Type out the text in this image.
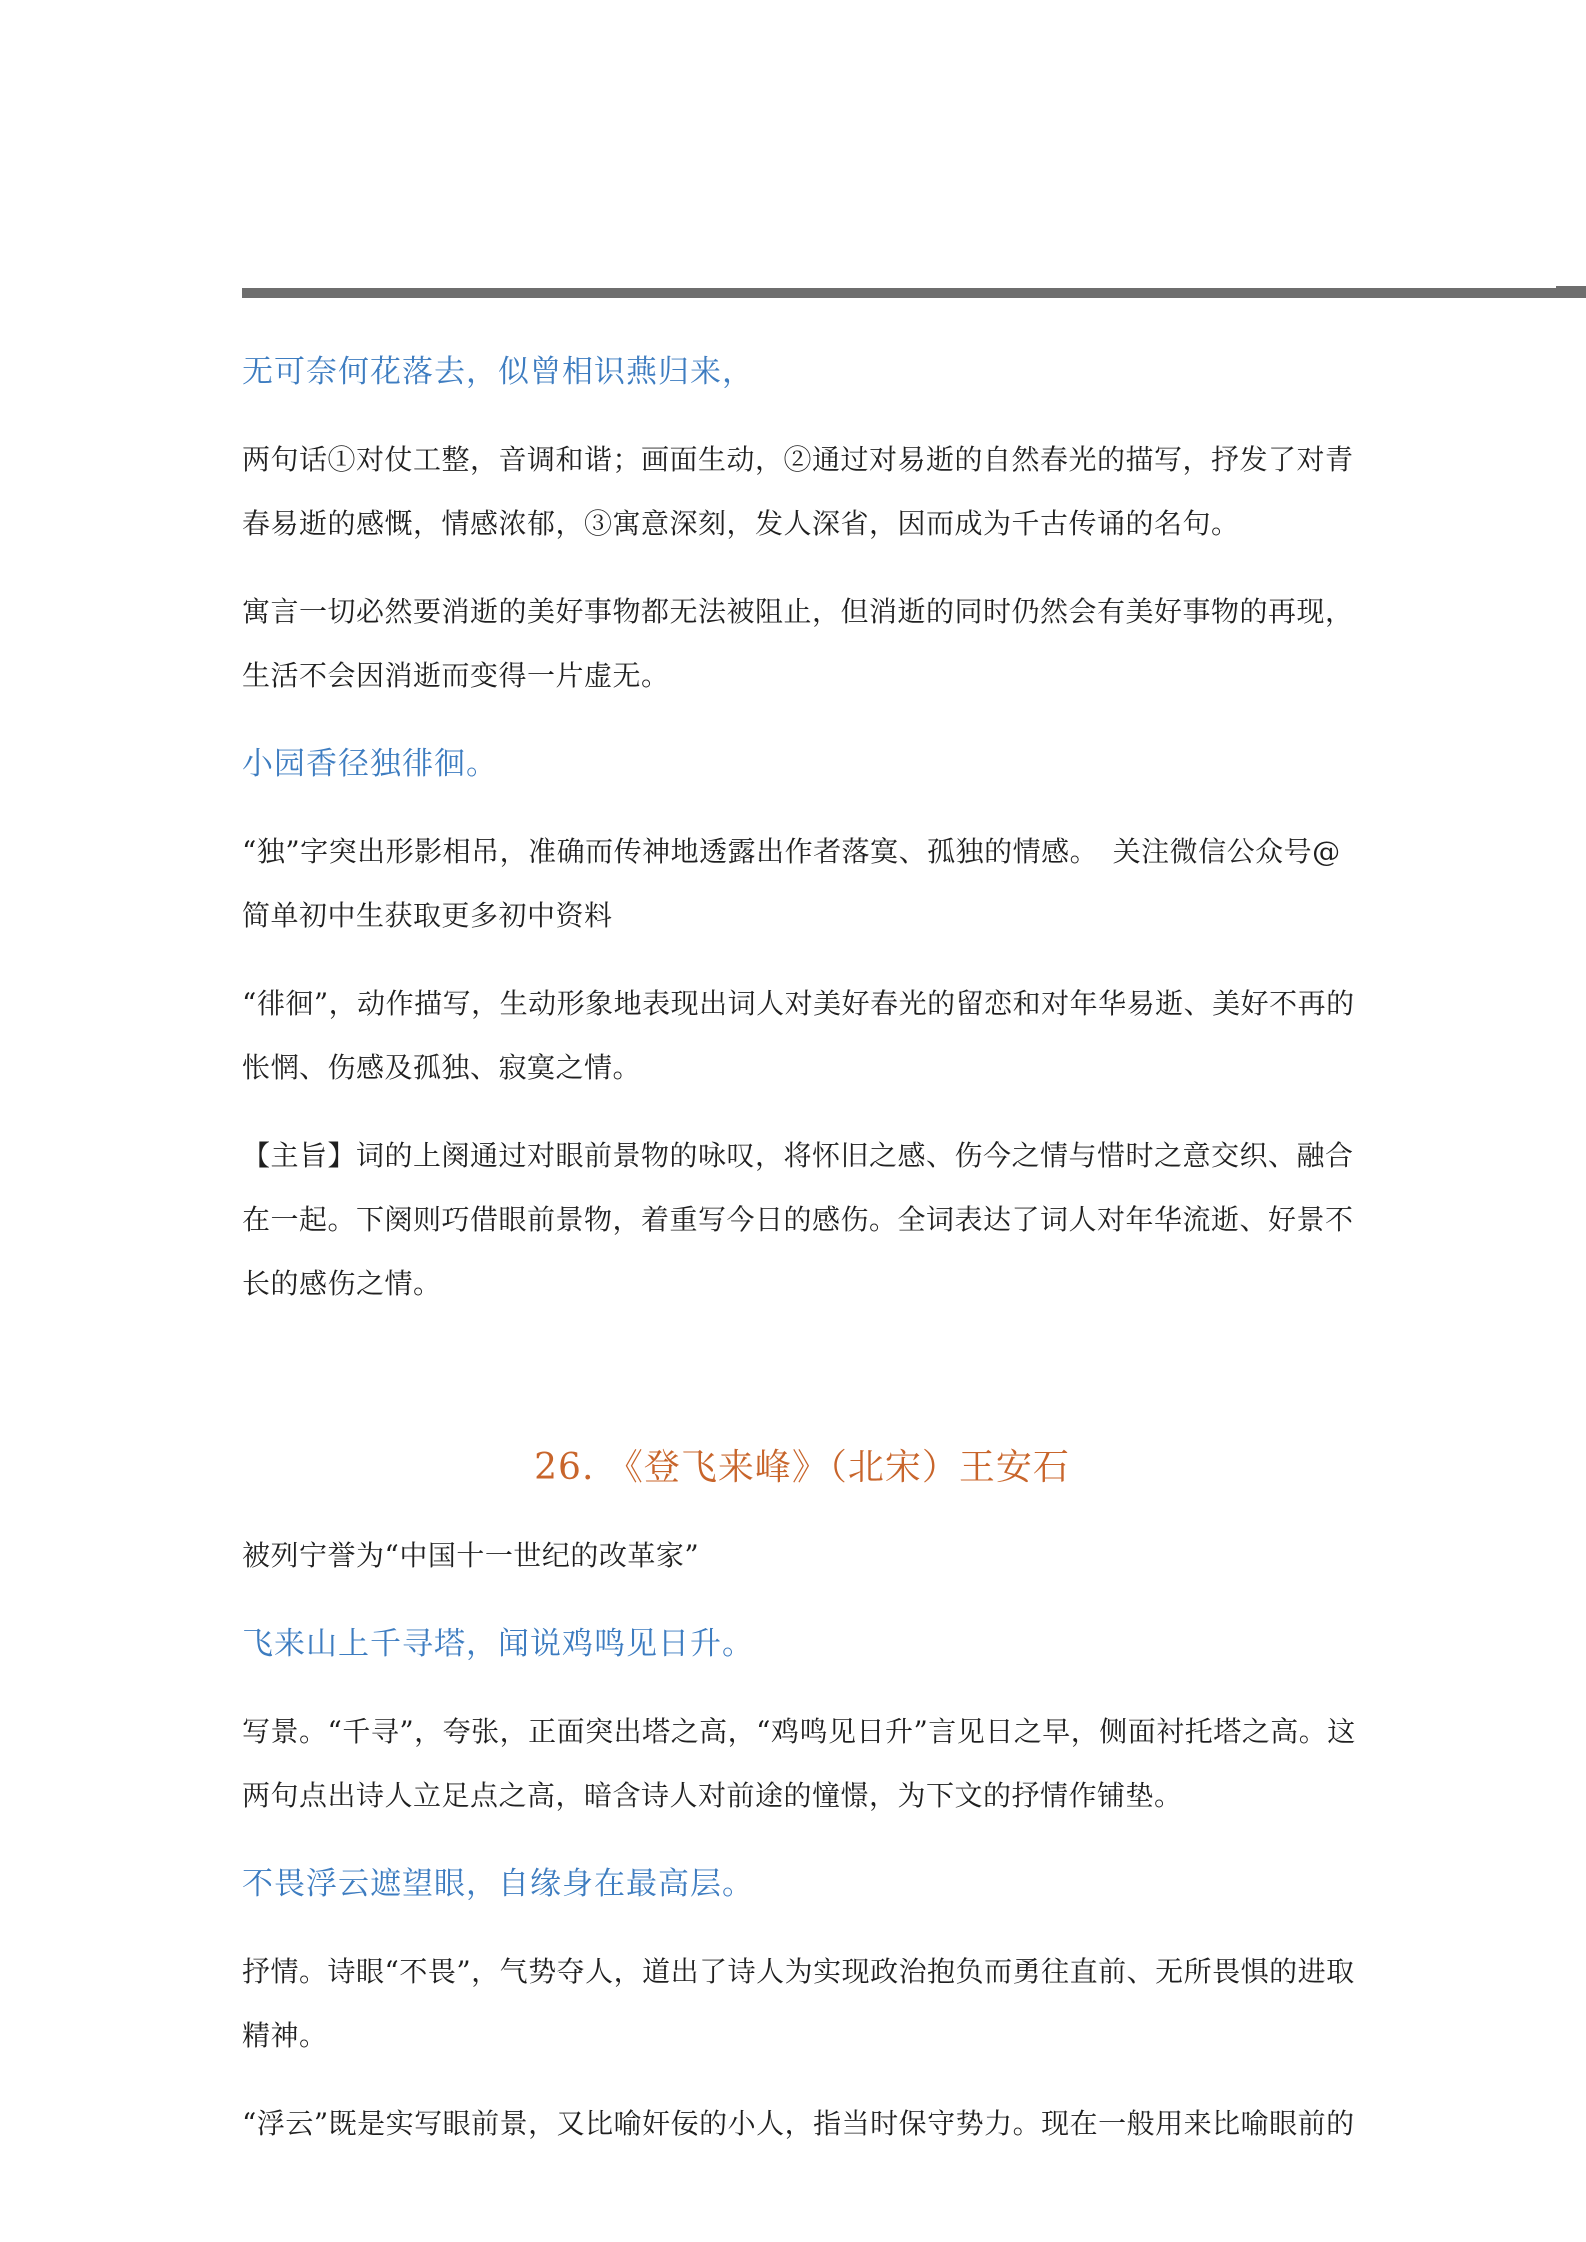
无可奈何花落去，似曾相识燕归来，

两句话①对仗工整，音调和谐；画面生动，②通过对易逝的自然春光的描写，抒发了对青春易逝的感慨，情感浓郁，③寓意深刻，发人深省，因而成为千古传诵的名句。

寓言一切必然要消逝的美好事物都无法被阻止，但消逝的同时仍然会有美好事物的再现，生活不会因消逝而变得一片虚无。

小园香径独徘徊。

“独”字突出形影相吊，准确而传神地透露出作者落寞、孤独的情感。　关注微信公众号@简单初中生获取更多初中资料

“徘徊”，动作描写，生动形象地表现出词人对美好春光的留恋和对年华易逝、美好不再的怅惘、伤感及孤独、寂寞之情。

【主旨】词的上阕通过对眼前景物的咏叹，将怀旧之感、伤今之情与惜时之意交织、融合在一起。下阕则巧借眼前景物，着重写今日的感伤。全词表达了词人对年华流逝、好景不长的感伤之情。

26. 《登飞来峰》（北宋）王安石

被列宁誉为“中国十一世纪的改革家”

飞来山上千寻塔，闻说鸡鸣见日升。

写景。“千寻”，夸张，正面突出塔之高，“鸡鸣见日升”言见日之早，侧面衬托塔之高。这两句点出诗人立足点之高，暗含诗人对前途的憧憬，为下文的抒情作铺垫。

不畏浮云遮望眼，自缘身在最高层。

抒情。诗眼“不畏”，气势夺人，道出了诗人为实现政治抱负而勇往直前、无所畏惧的进取精神。

“浮云”既是实写眼前景，又比喻奸佞的小人，指当时保守势力。现在一般用来比喻眼前的
